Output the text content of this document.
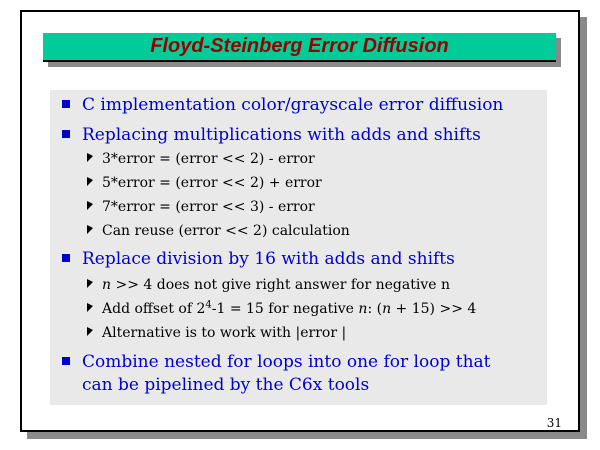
Floyd-Steinberg Error Diffusion
C implementation color/grayscale error diffusion
Replacing multiplications with adds and shifts
3*error = (error << 2) - error
5*error = (error << 2) + error
7*error = (error << 3) - error
Can reuse (error << 2) calculation
Replace division by 16 with adds and shifts
n >> 4 does not give right answer for negative n
Add offset of $2^4-1 = 15$ for negative n: (n + 15) >> 4
Alternative is to work with |error |
Combine nested for loops into one for loop that
can be pipelined by the C6x tools
31
